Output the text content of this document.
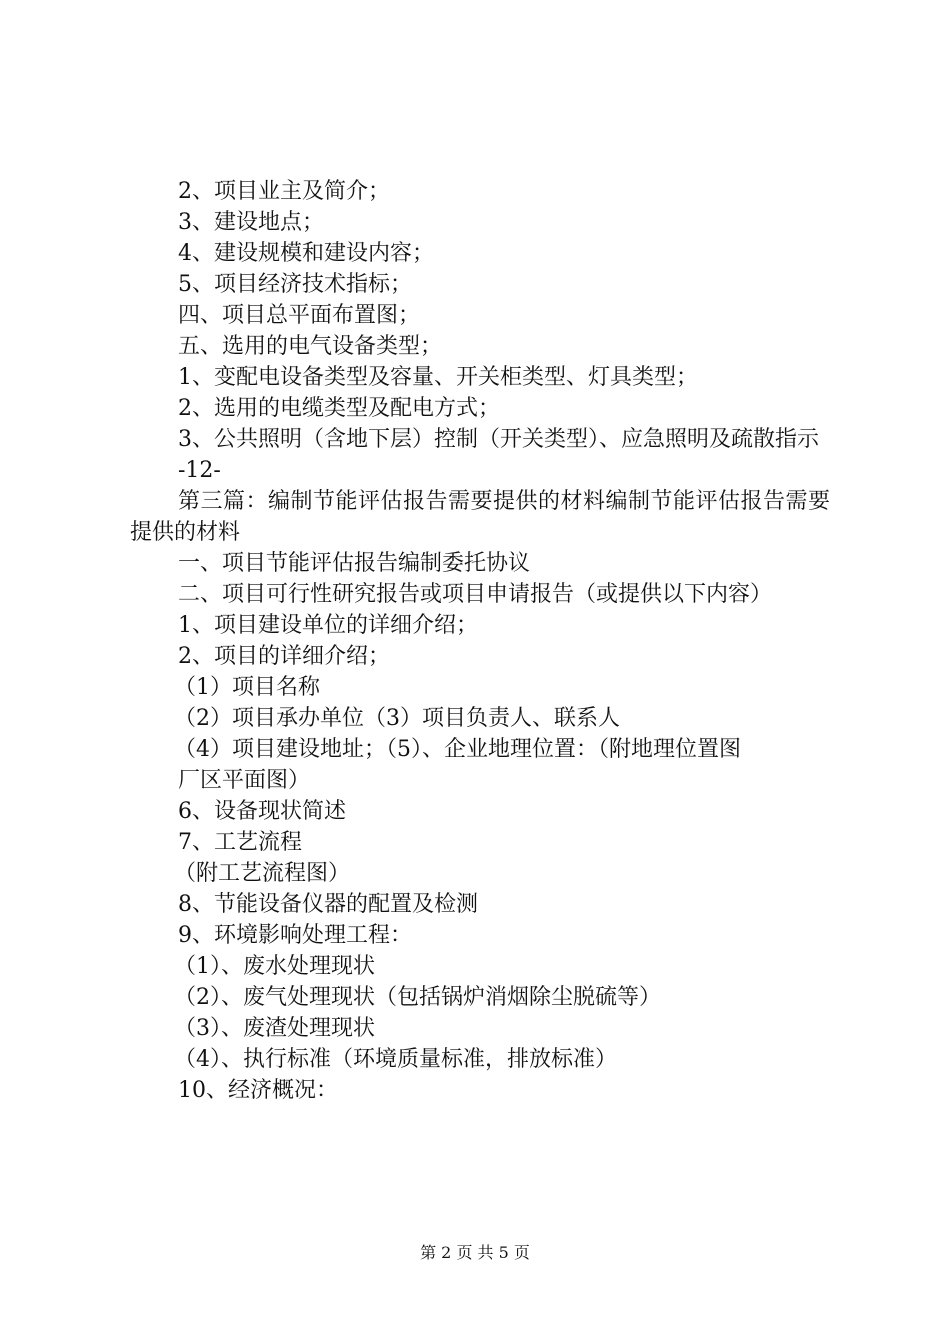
2、项目业主及简介；
3、建设地点；
4、建设规模和建设内容；
5、项目经济技术指标；
四、项目总平面布置图；
五、选用的电气设备类型；
1、变配电设备类型及容量、开关柜类型、灯具类型；
2、选用的电缆类型及配电方式；
3、公共照明（含地下层）控制（开关类型）、应急照明及疏散指示
-12-
第三篇：编制节能评估报告需要提供的材料编制节能评估报告需要提供的材料
一、项目节能评估报告编制委托协议
二、项目可行性研究报告或项目申请报告（或提供以下内容）
1、项目建设单位的详细介绍；
2、项目的详细介绍；
（1）项目名称
（2）项目承办单位（3）项目负责人、联系人
（4）项目建设地址；（5）、企业地理位置：（附地理位置图
厂区平面图）
6、设备现状简述
7、工艺流程
（附工艺流程图）
8、节能设备仪器的配置及检测
9、环境影响处理工程：
（1）、废水处理现状
（2）、废气处理现状（包括锅炉消烟除尘脱硫等）
（3）、废渣处理现状
（4）、执行标准（环境质量标准，排放标准）
10、经济概况：
第 2 页 共 5 页
